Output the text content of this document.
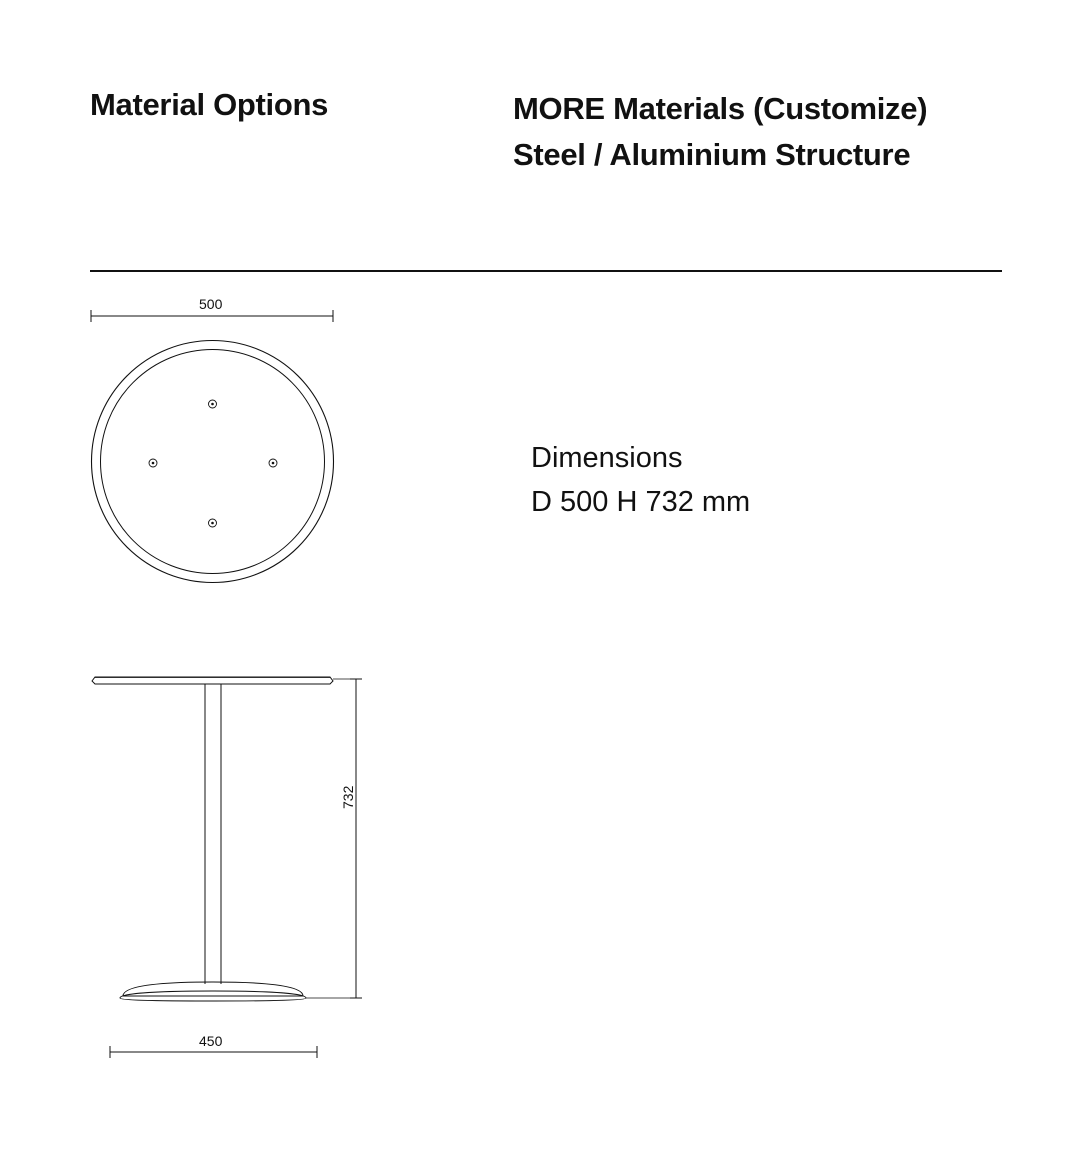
Material Options	MORE Materials (Customize)
Steel / Aluminium Structure
Dimensions
D 500 H 732 mm
500
450
732
